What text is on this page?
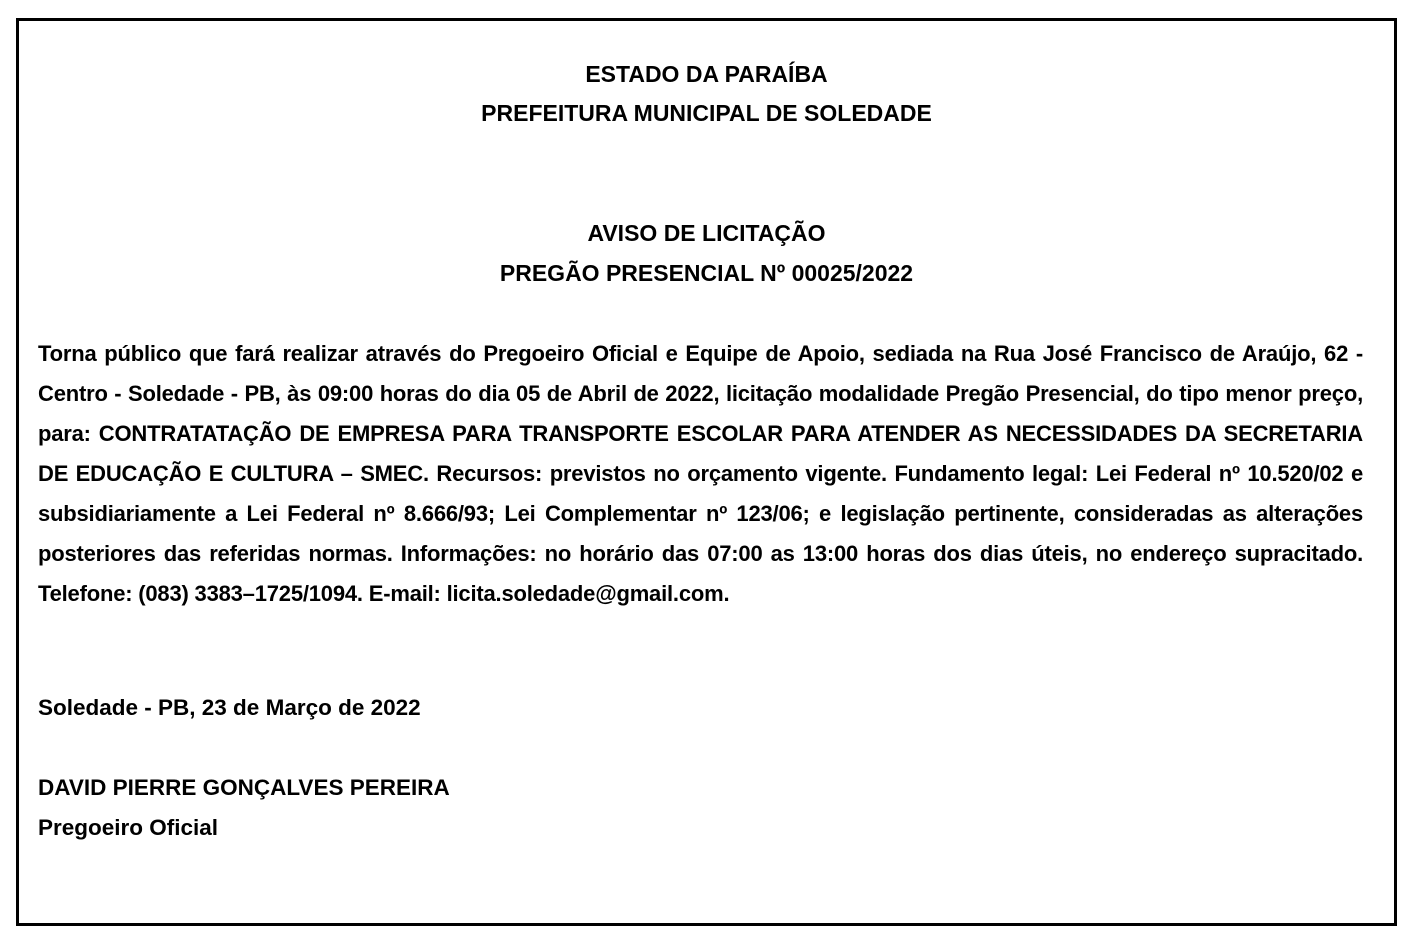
ESTADO DA PARAÍBA
PREFEITURA MUNICIPAL DE SOLEDADE
AVISO DE LICITAÇÃO
PREGÃO PRESENCIAL Nº 00025/2022
Torna público que fará realizar através do Pregoeiro Oficial e Equipe de Apoio, sediada na Rua José Francisco de Araújo, 62 - Centro - Soledade - PB, às 09:00 horas do dia 05 de Abril de 2022, licitação modalidade Pregão Presencial, do tipo menor preço, para: CONTRATATAÇÃO DE EMPRESA PARA TRANSPORTE ESCOLAR PARA ATENDER AS NECESSIDADES DA SECRETARIA DE EDUCAÇÃO E CULTURA – SMEC. Recursos: previstos no orçamento vigente. Fundamento legal: Lei Federal nº 10.520/02 e subsidiariamente a Lei Federal nº 8.666/93; Lei Complementar nº 123/06; e legislação pertinente, consideradas as alterações posteriores das referidas normas. Informações: no horário das 07:00 as 13:00 horas dos dias úteis, no endereço supracitado. Telefone: (083) 3383–1725/1094. E-mail: licita.soledade@gmail.com.
Soledade - PB, 23 de Março de 2022
DAVID PIERRE GONÇALVES PEREIRA
Pregoeiro Oficial
